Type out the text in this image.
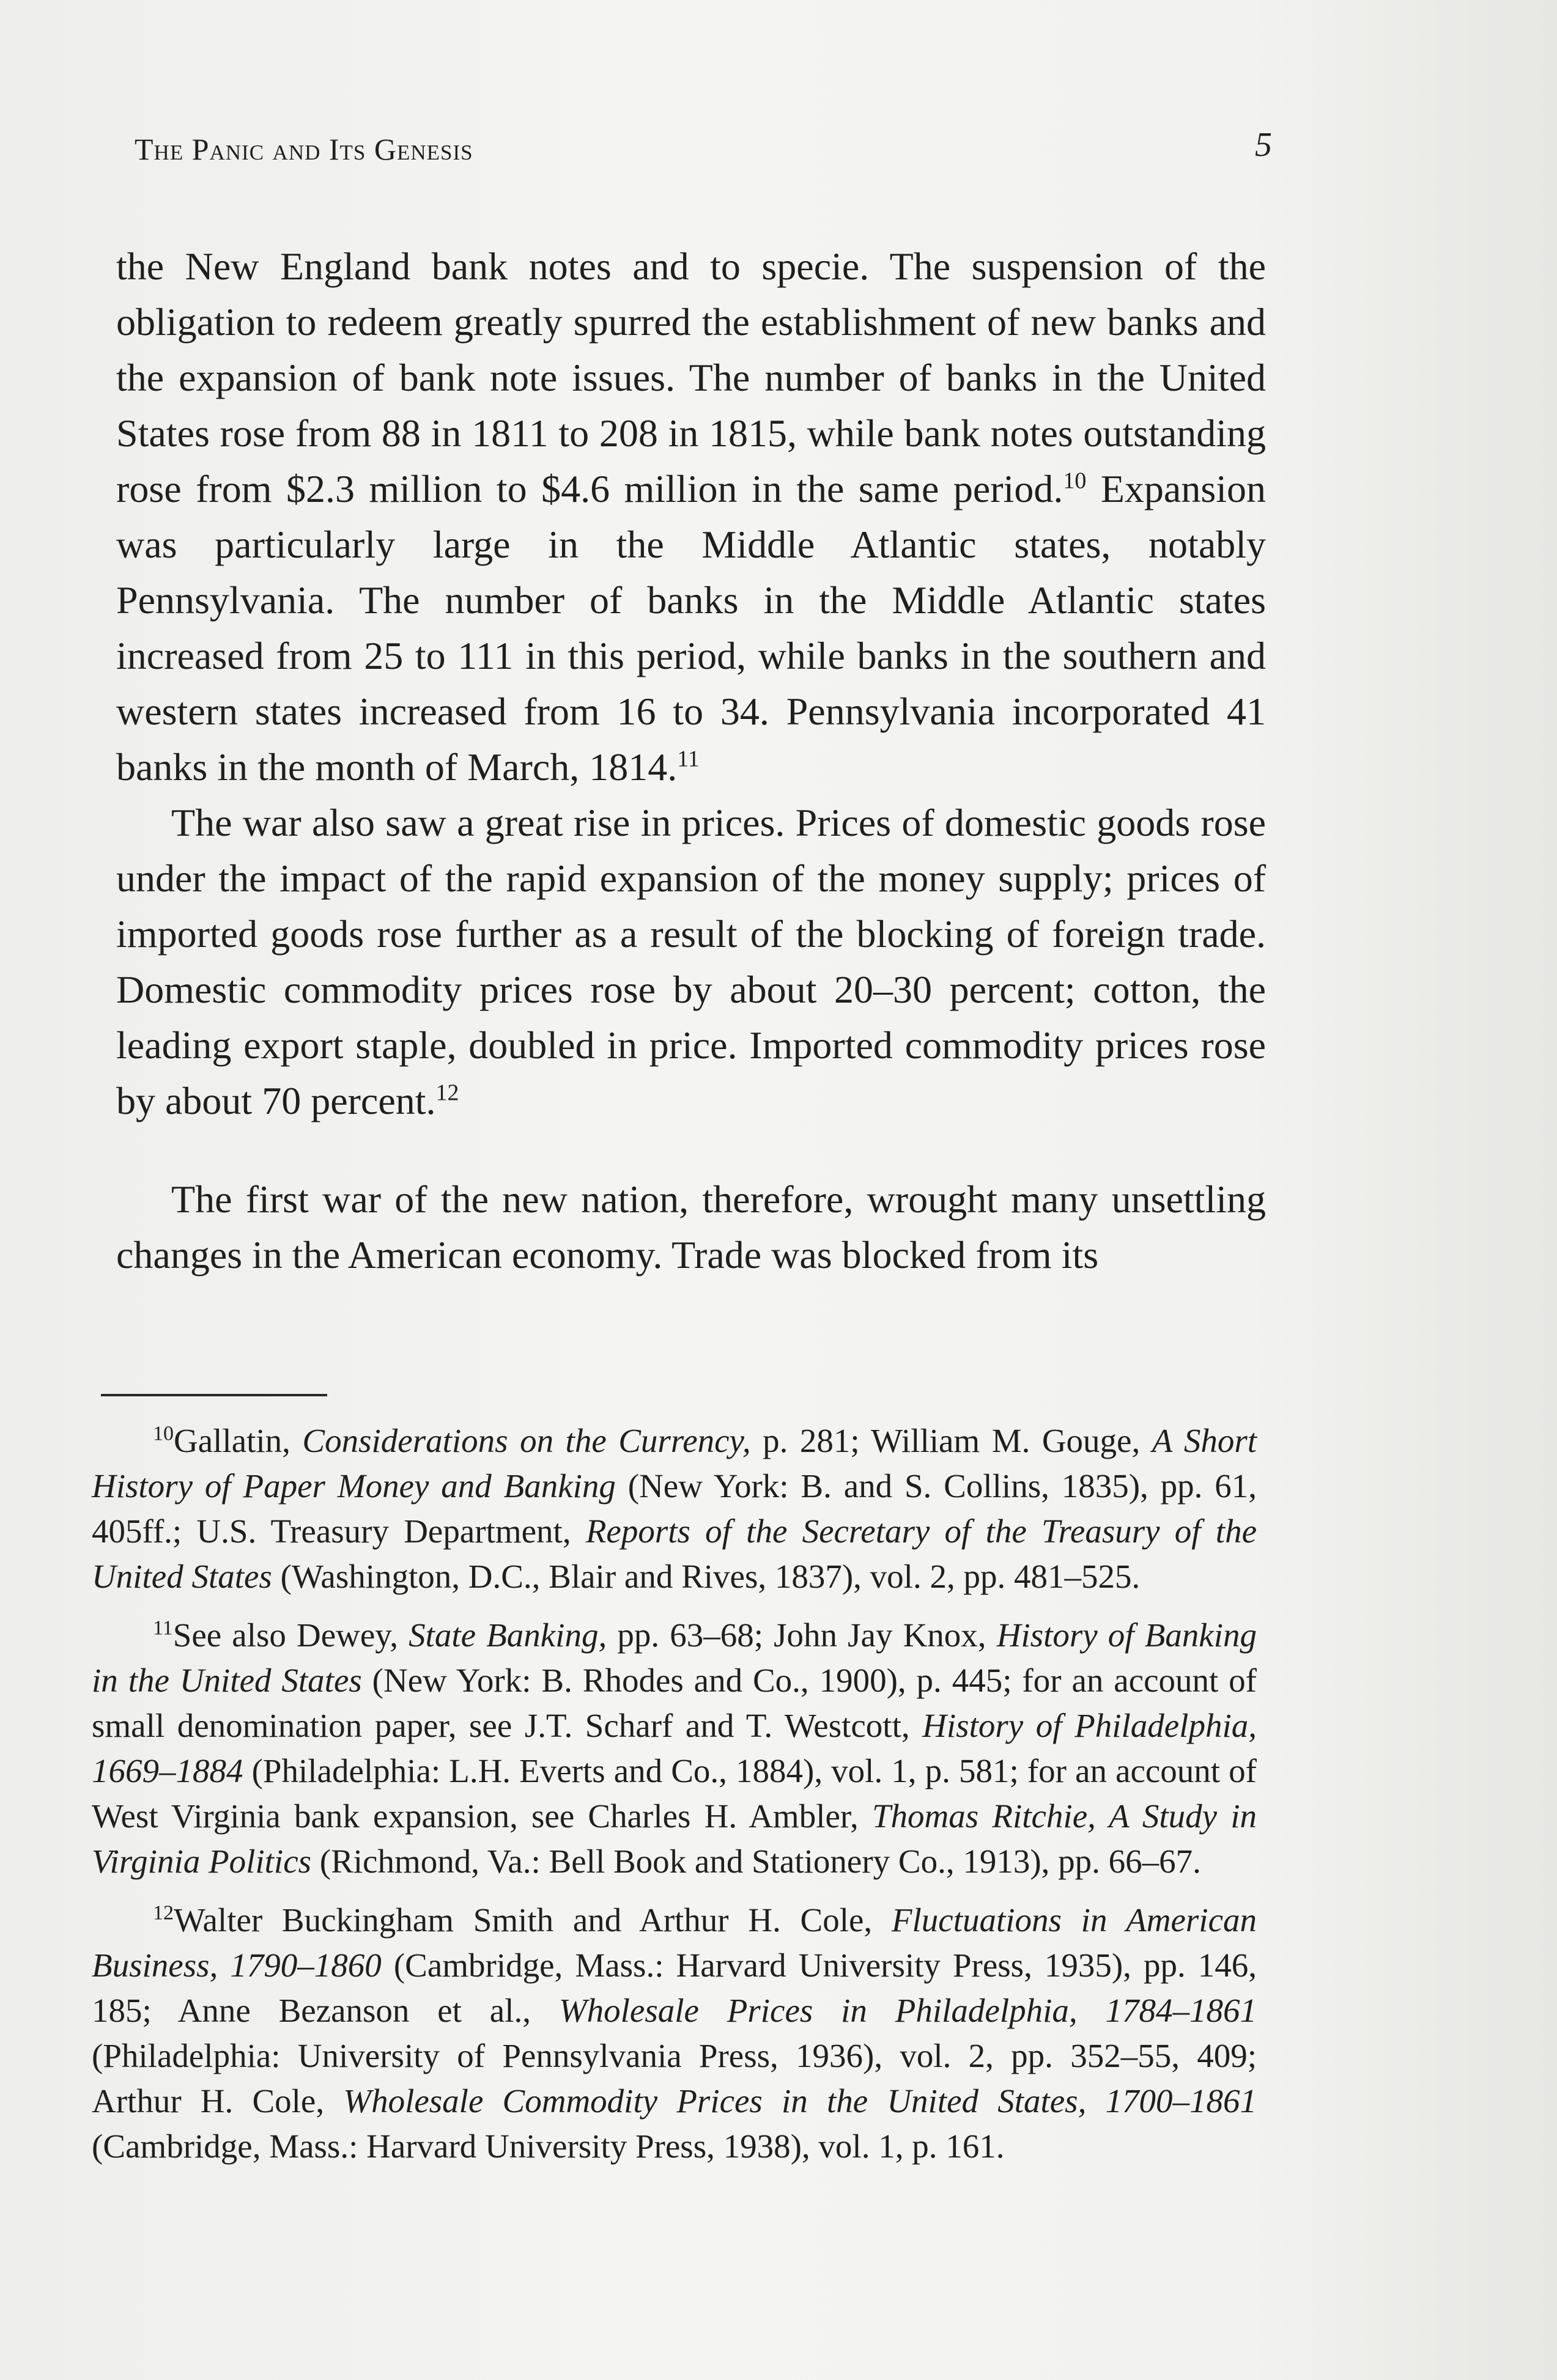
The Panic and Its Genesis	5

the New England bank notes and to specie. The suspension of the obligation to redeem greatly spurred the establishment of new banks and the expansion of bank note issues. The number of banks in the United States rose from 88 in 1811 to 208 in 1815, while bank notes outstanding rose from $2.3 million to $4.6 million in the same period.$^{10}$ Expansion was particularly large in the Middle Atlantic states, notably Pennsylvania. The number of banks in the Middle Atlantic states increased from 25 to 111 in this period, while banks in the southern and western states increased from 16 to 34. Pennsylvania incorporated 41 banks in the month of March, 1814.11

The war also saw a great rise in prices. Prices of domestic goods rose under the impact of the rapid expansion of the money supply; prices of imported goods rose further as a result of the blocking of foreign trade. Domestic commodity prices rose by about 20–30 percent; cotton, the leading export staple, doubled in price. Imported commodity prices rose by about 70 percent.$^{12}$

The first war of the new nation, therefore, wrought many unsettling changes in the American economy. Trade was blocked from its

$^{10}$Gallatin, Considerations on the Currency, p. 281; William M. Gouge, A Short History of Paper Money and Banking (New York: B. and S. Collins, 1835), pp. 61, 405ff.; U.S. Treasury Department, Reports of the Secretary of the Treasury of the United States (Washington, D.C., Blair and Rives, 1837), vol. 2, pp. 481–525.

$^{11}$See also Dewey, State Banking, pp. 63–68; John Jay Knox, History of Banking in the United States (New York: B. Rhodes and Co., 1900), p. 445; for an account of small denomination paper, see J.T. Scharf and T. Westcott, History of Philadelphia, 1669–1884 (Philadelphia: L.H. Everts and Co., 1884), vol. 1, p. 581; for an account of West Virginia bank expansion, see Charles H. Ambler, Thomas Ritchie, A Study in Virginia Politics (Richmond, Va.: Bell Book and Stationery Co., 1913), pp. 66–67.

$^{12}$Walter Buckingham Smith and Arthur H. Cole, Fluctuations in American Business, 1790–1860 (Cambridge, Mass.: Harvard University Press, 1935), pp. 146, 185; Anne Bezanson et al., Wholesale Prices in Philadelphia, 1784–1861 (Philadelphia: University of Pennsylvania Press, 1936), vol. 2, pp. 352–55, 409; Arthur H. Cole, Wholesale Commodity Prices in the United States, 1700–1861 (Cambridge, Mass.: Harvard University Press, 1938), vol. 1, p. 161.
